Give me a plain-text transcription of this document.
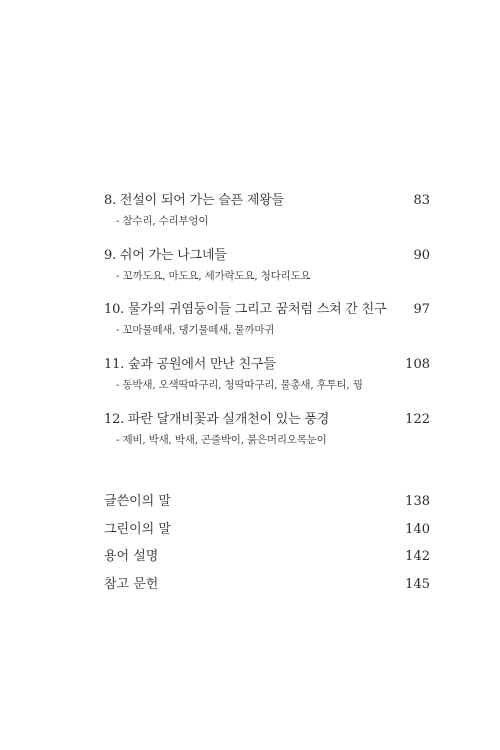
8. 전설이 되어 가는 슬픈 제왕들	83
- 참수리, 수리부엉이
9. 쉬어 가는 나그네들	90
- 꼬까도요, 마도요, 세가락도요, 청다리도요
10. 물가의 귀염둥이들 그리고 꿈처럼 스쳐 간 친구 97
- 꼬마물떼새, 댕기물떼새, 물까마귀
11. 숲과 공원에서 만난 친구들	108
- 동박새, 오색딱따구리, 청딱따구리, 물총새, 후투티, 꿩
12. 파란 달개비꽃과 실개천이 있는 풍경	122
- 제비, 박새, 박새, 곤줄박이, 붉은머리오목눈이
글쓴이의 말	138
그린이의 말	140
용어 설명	142
참고 문헌	145
